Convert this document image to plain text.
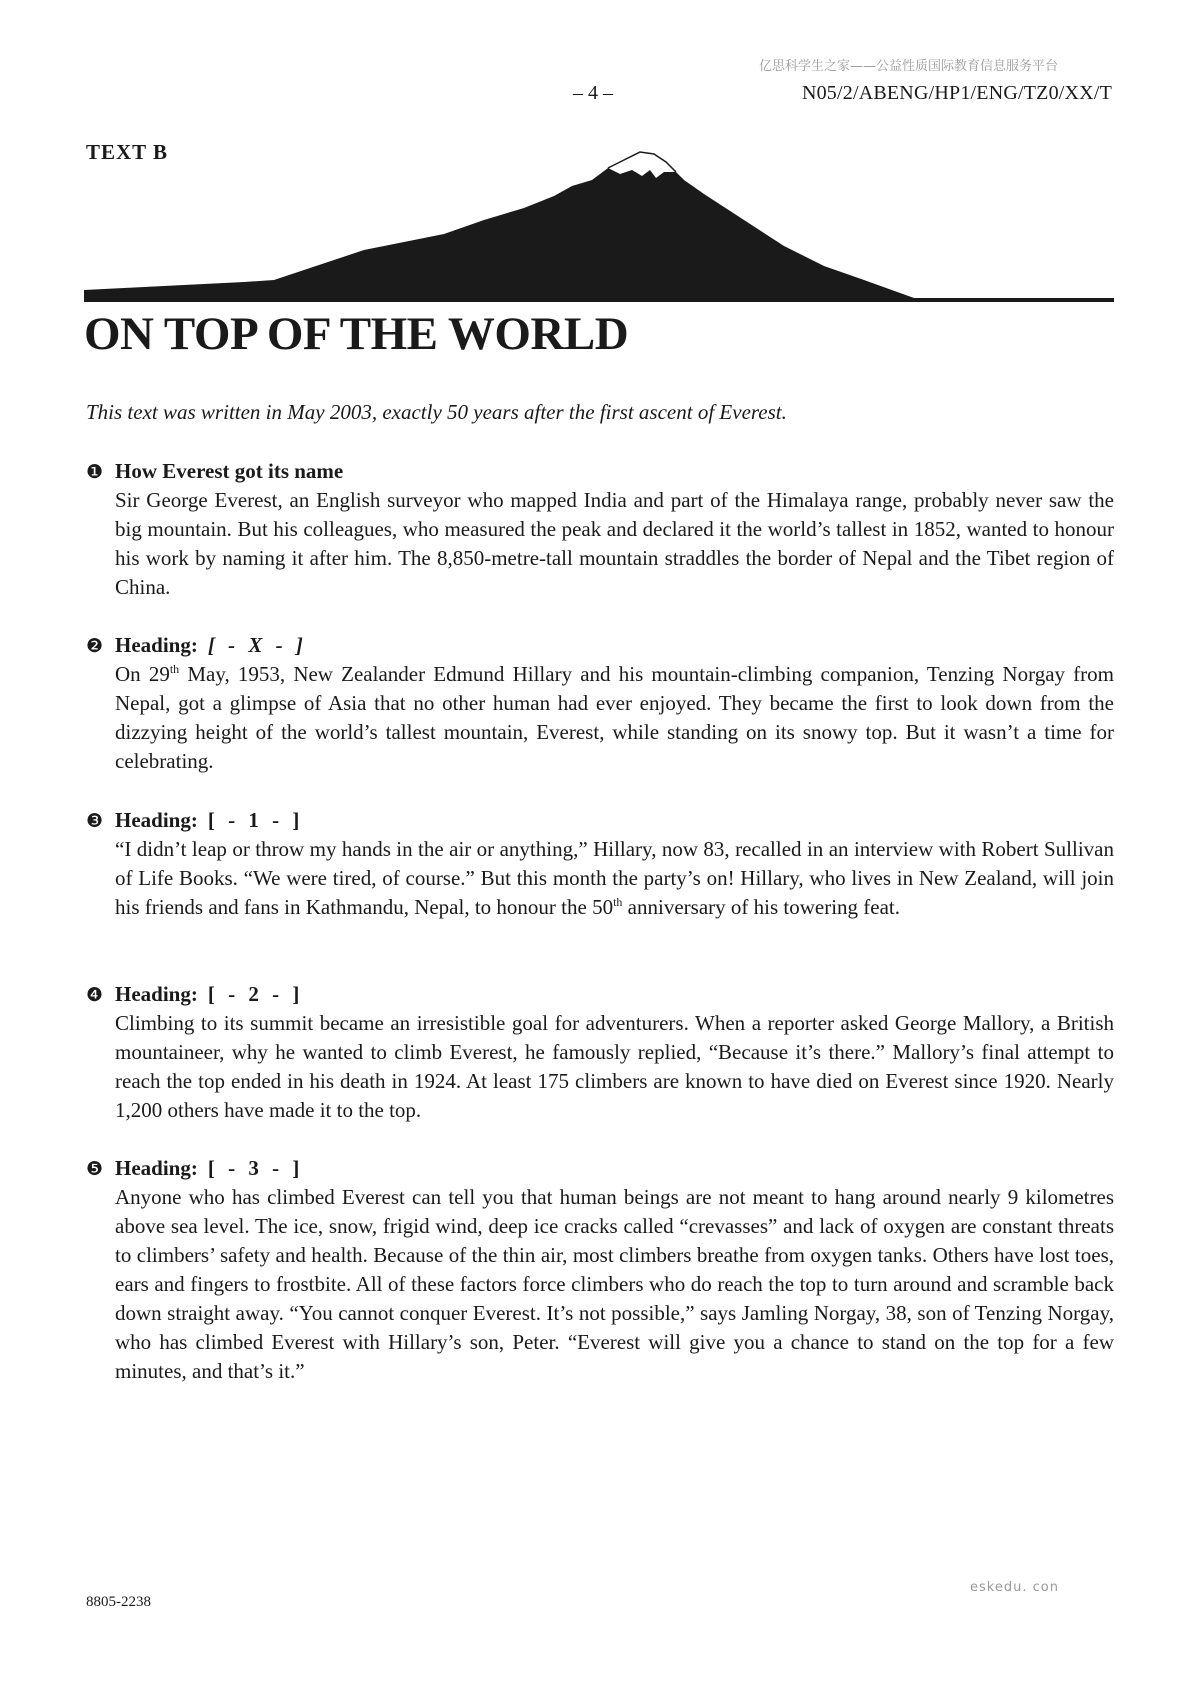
亿思科学生之家——公益性质国际教育信息服务平台
– 4 –	N05/2/ABENG/HP1/ENG/TZ0/XX/T
TEXT B
ON TOP OF THE WORLD
This text was written in May 2003, exactly 50 years after the first ascent of Everest.
❶ How Everest got its name

Sir George Everest, an English surveyor who mapped India and part of the Himalaya range, probably never saw the big mountain. But his colleagues, who measured the peak and declared it the world’s tallest in 1852, wanted to honour his work by naming it after him. The 8,850-metre-tall mountain straddles the border of Nepal and the Tibet region of China.

❷ Heading: [ - X - ]

On 29th May, 1953, New Zealander Edmund Hillary and his mountain-climbing companion, Tenzing Norgay from Nepal, got a glimpse of Asia that no other human had ever enjoyed. They became the first to look down from the dizzying height of the world’s tallest mountain, Everest, while standing on its snowy top. But it wasn’t a time for celebrating.

❸ Heading: [ - 1 - ]

“I didn’t leap or throw my hands in the air or anything,” Hillary, now 83, recalled in an interview with Robert Sullivan of Life Books. “We were tired, of course.” But this month the party’s on! Hillary, who lives in New Zealand, will join his friends and fans in Kathmandu, Nepal, to honour the 50th anniversary of his towering feat.

❹ Heading: [ - 2 - ]

Climbing to its summit became an irresistible goal for adventurers. When a reporter asked George Mallory, a British mountaineer, why he wanted to climb Everest, he famously replied, “Because it’s there.” Mallory’s final attempt to reach the top ended in his death in 1924. At least 175 climbers are known to have died on Everest since 1920. Nearly 1,200 others have made it to the top.

❺ Heading: [ - 3 - ]

Anyone who has climbed Everest can tell you that human beings are not meant to hang around nearly 9 kilometres above sea level. The ice, snow, frigid wind, deep ice cracks called “crevasses” and lack of oxygen are constant threats to climbers’ safety and health. Because of the thin air, most climbers breathe from oxygen tanks. Others have lost toes, ears and fingers to frostbite. All of these factors force climbers who do reach the top to turn around and scramble back down straight away. “You cannot conquer Everest. It’s not possible,” says Jamling Norgay, 38, son of Tenzing Norgay, who has climbed Everest with Hillary’s son, Peter. “Everest will give you a chance to stand on the top for a few minutes, and that’s it.”

8805-2238
eskedu. con
